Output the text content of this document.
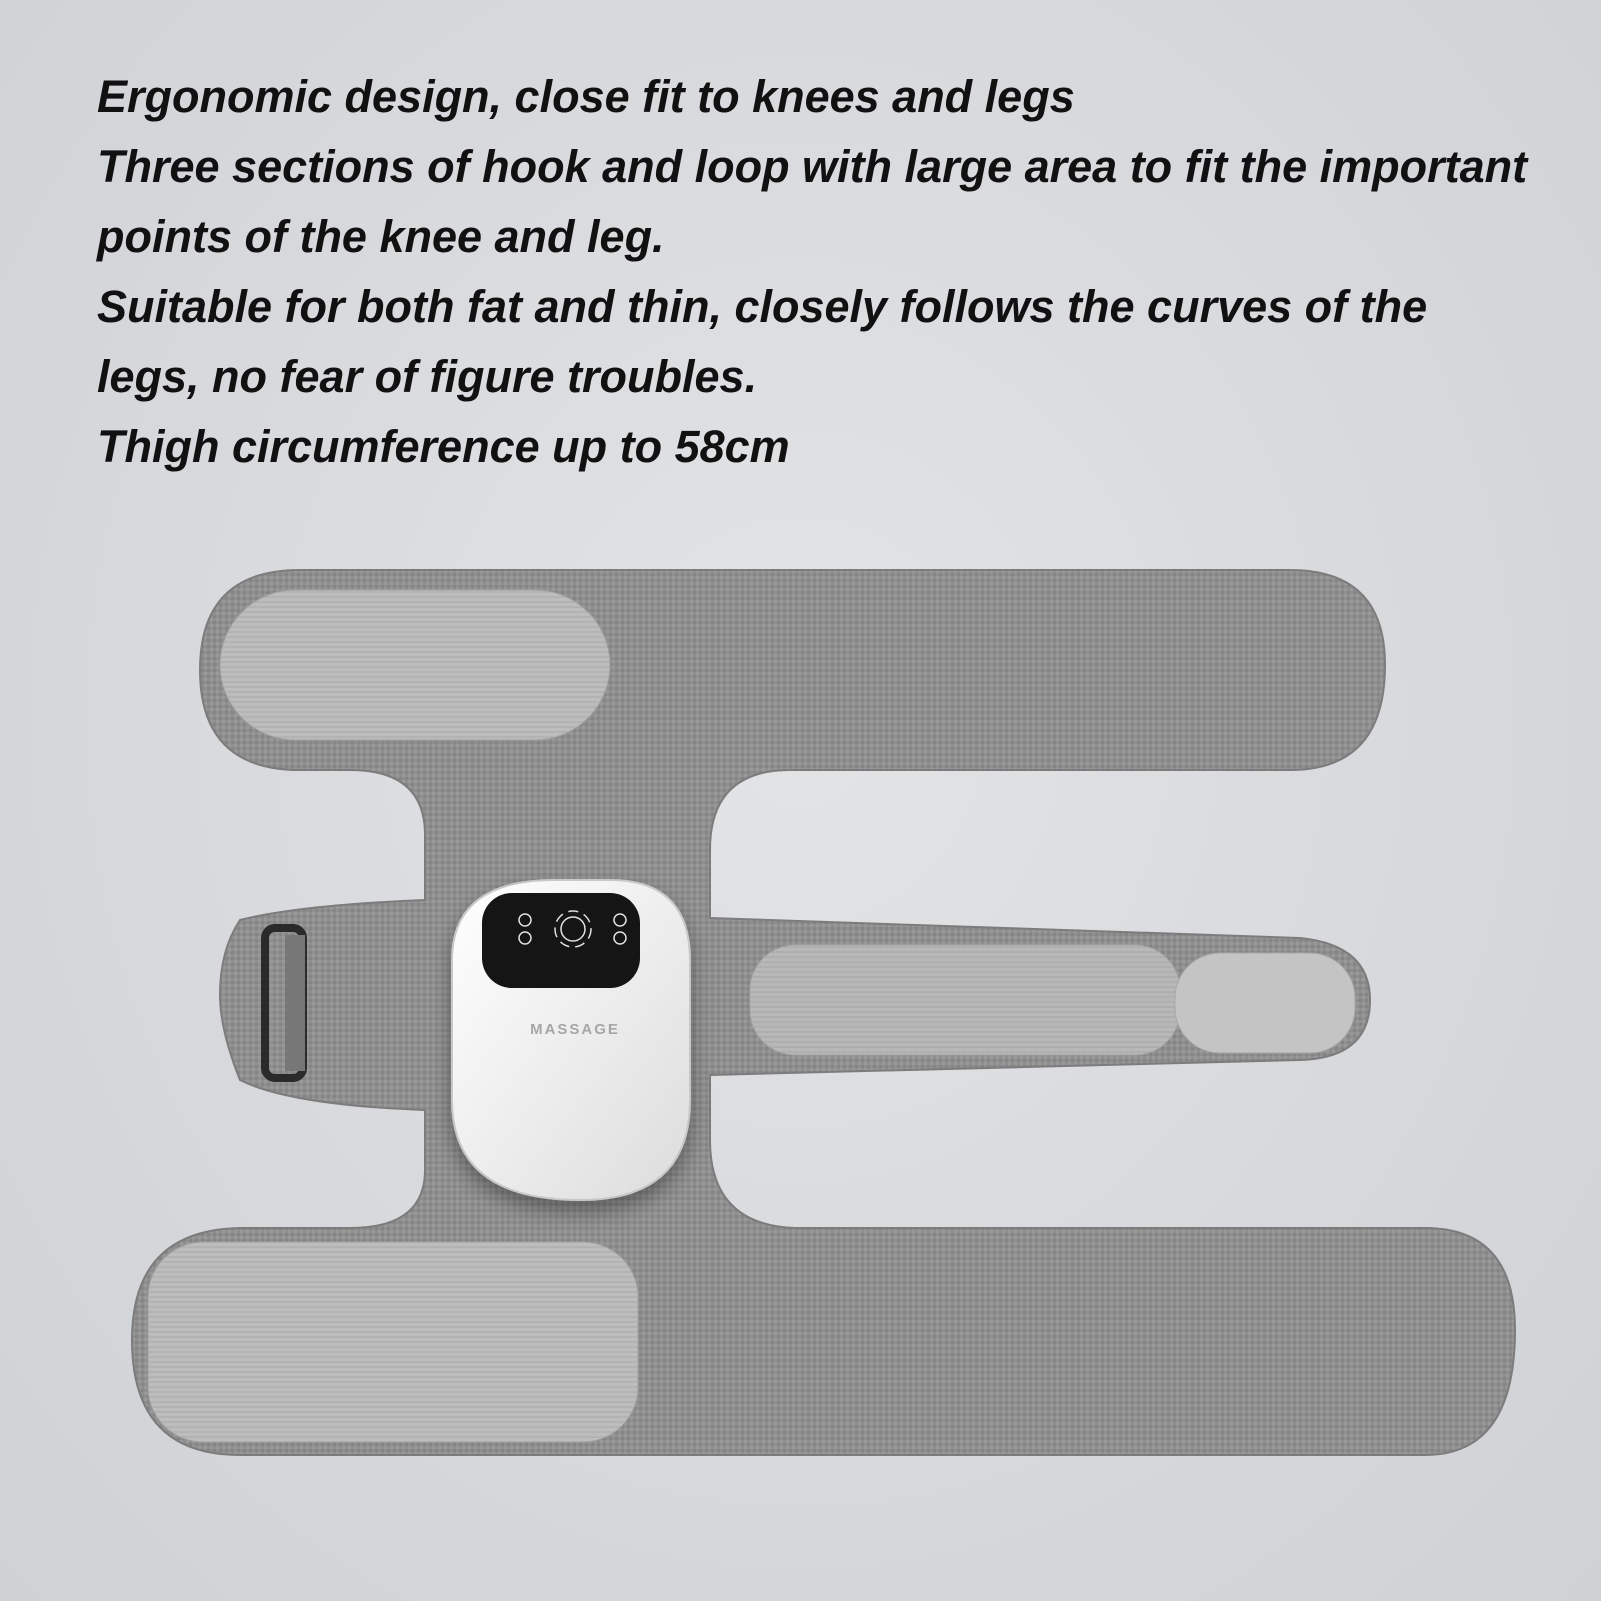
Ergonomic design, close fit to knees and legs
Three sections of hook and loop with large area to fit the important points of the knee and leg.
Suitable for both fat and thin, closely follows the curves of the legs, no fear of figure troubles.
Thigh circumference up to 58cm
MASSAGE
